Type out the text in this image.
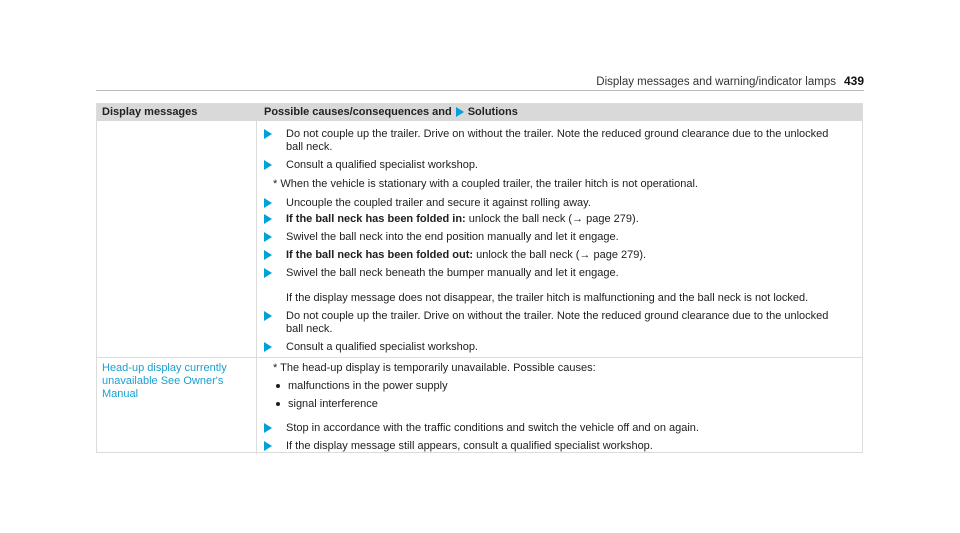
Display messages and warning/indicator lamps 439
Display messages	Possible causes/consequences and Solutions
Do not couple up the trailer. Drive on without the trailer. Note the reduced ground clearance due to the unlocked
ball neck.
Consult a qualified specialist workshop.
* When the vehicle is stationary with a coupled trailer, the trailer hitch is not operational.
Uncouple the coupled trailer and secure it against rolling away.
If the ball neck has been folded in: unlock the ball neck (→ page 279).
Swivel the ball neck into the end position manually and let it engage.
If the ball neck has been folded out: unlock the ball neck (→ page 279).
Swivel the ball neck beneath the bumper manually and let it engage.
If the display message does not disappear, the trailer hitch is malfunctioning and the ball neck is not locked.
Do not couple up the trailer. Drive on without the trailer. Note the reduced ground clearance due to the unlocked
ball neck.
Consult a qualified specialist workshop.
Head-up display currently
unavailable See Owner's
Manual
* The head-up display is temporarily unavailable. Possible causes:
malfunctions in the power supply
signal interference
Stop in accordance with the traffic conditions and switch the vehicle off and on again.
If the display message still appears, consult a qualified specialist workshop.
